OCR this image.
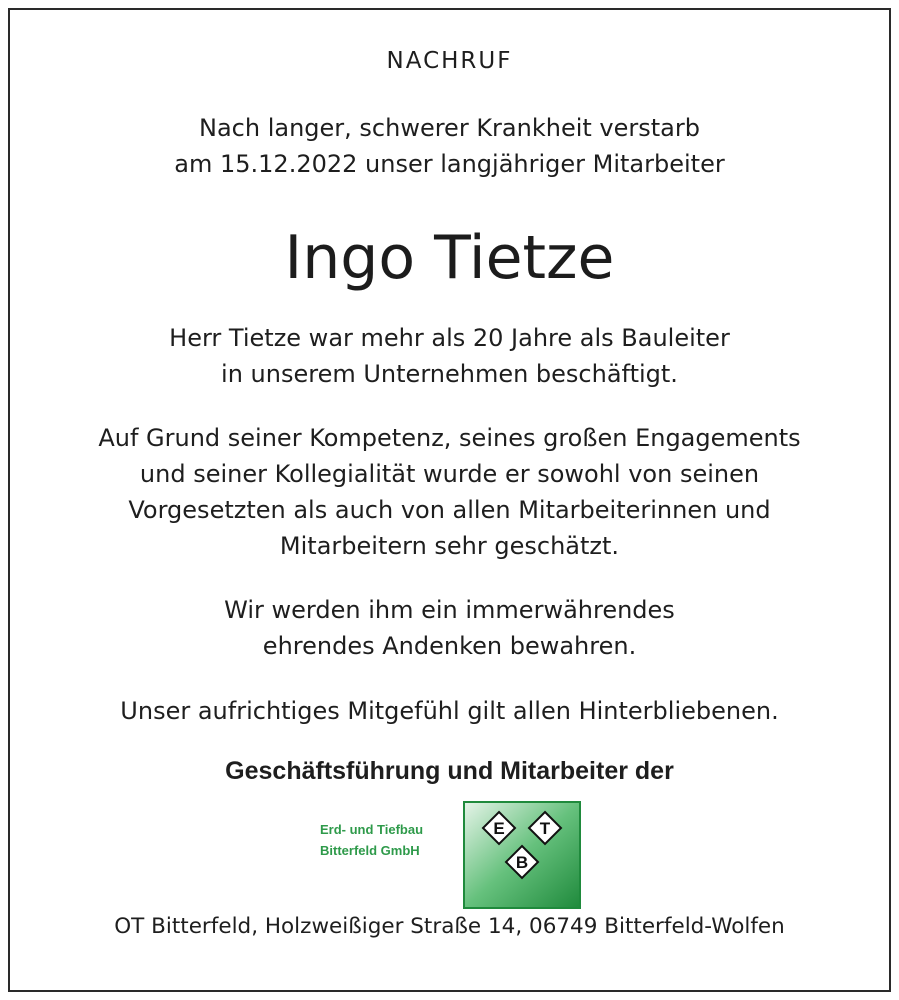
NACHRUF
Nach langer, schwerer Krankheit verstarb
am 15.12.2022 unser langjähriger Mitarbeiter
Ingo Tietze
Herr Tietze war mehr als 20 Jahre als Bauleiter
in unserem Unternehmen beschäftigt.
Auf Grund seiner Kompetenz, seines großen Engagements
und seiner Kollegialität wurde er sowohl von seinen
Vorgesetzten als auch von allen Mitarbeiterinnen und
Mitarbeitern sehr geschätzt.
Wir werden ihm ein immerwährendes
ehrendes Andenken bewahren.
Unser aufrichtiges Mitgefühl gilt allen Hinterbliebenen.
Geschäftsführung und Mitarbeiter der
Erd- und Tiefbau
Bitterfeld GmbH
E T
B
OT Bitterfeld, Holzweißiger Straße 14, 06749 Bitterfeld-Wolfen
